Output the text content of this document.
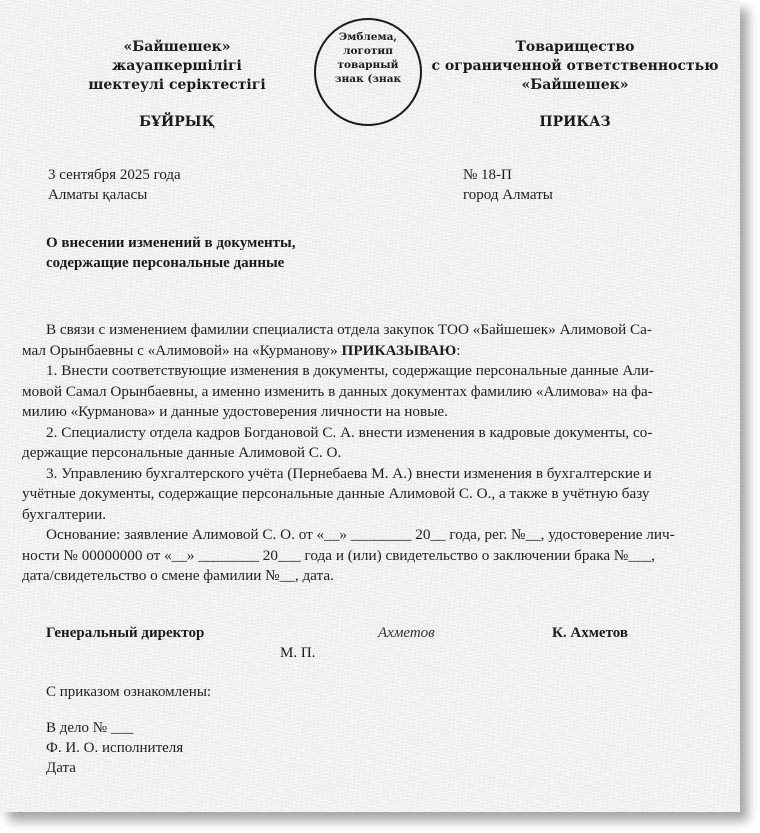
«Байшешек»
жауапкершілігі
шектеулі серіктестігі
БҰЙРЫҚ
Эмблема,
логотип
товарный
знак (знак
Товарищество
с ограниченной ответственностью
«Байшешек»
ПРИКАЗ
3 сентября 2025 года
Алматы қаласы
№ 18-П
город Алматы
О внесении изменений в документы,
содержащие персональные данные
В связи с изменением фамилии специалиста отдела закупок ТОО «Байшешек» Алимовой Са-
мал Орынбаевны с «Алимовой» на «Курманову» ПРИКАЗЫВАЮ:
1. Внести соответствующие изменения в документы, содержащие персональные данные Али-
мовой Самал Орынбаевны, а именно изменить в данных документах фамилию «Алимова» на фа-
милию «Курманова» и данные удостоверения личности на новые.
2. Специалисту отдела кадров Богдановой С. А. внести изменения в кадровые документы, со-
держащие персональные данные Алимовой С. О.
3. Управлению бухгалтерского учёта (Пернебаева М. А.) внести изменения в бухгалтерские и
учётные документы, содержащие персональные данные Алимовой С. О., а также в учётную базу
бухгалтерии.
Основание: заявление Алимовой С. О. от «__» ________ 20__ года, рег. №__, удостоверение лич-
ности № 00000000 от «__» ________ 20___ года и (или) свидетельство о заключении брака №___,
дата/свидетельство о смене фамилии №__, дата.
Генеральный директор	Ахметов	К. Ахметов
М. П.
С приказом ознакомлены:
В дело № ___
Ф. И. О. исполнителя
Дата
